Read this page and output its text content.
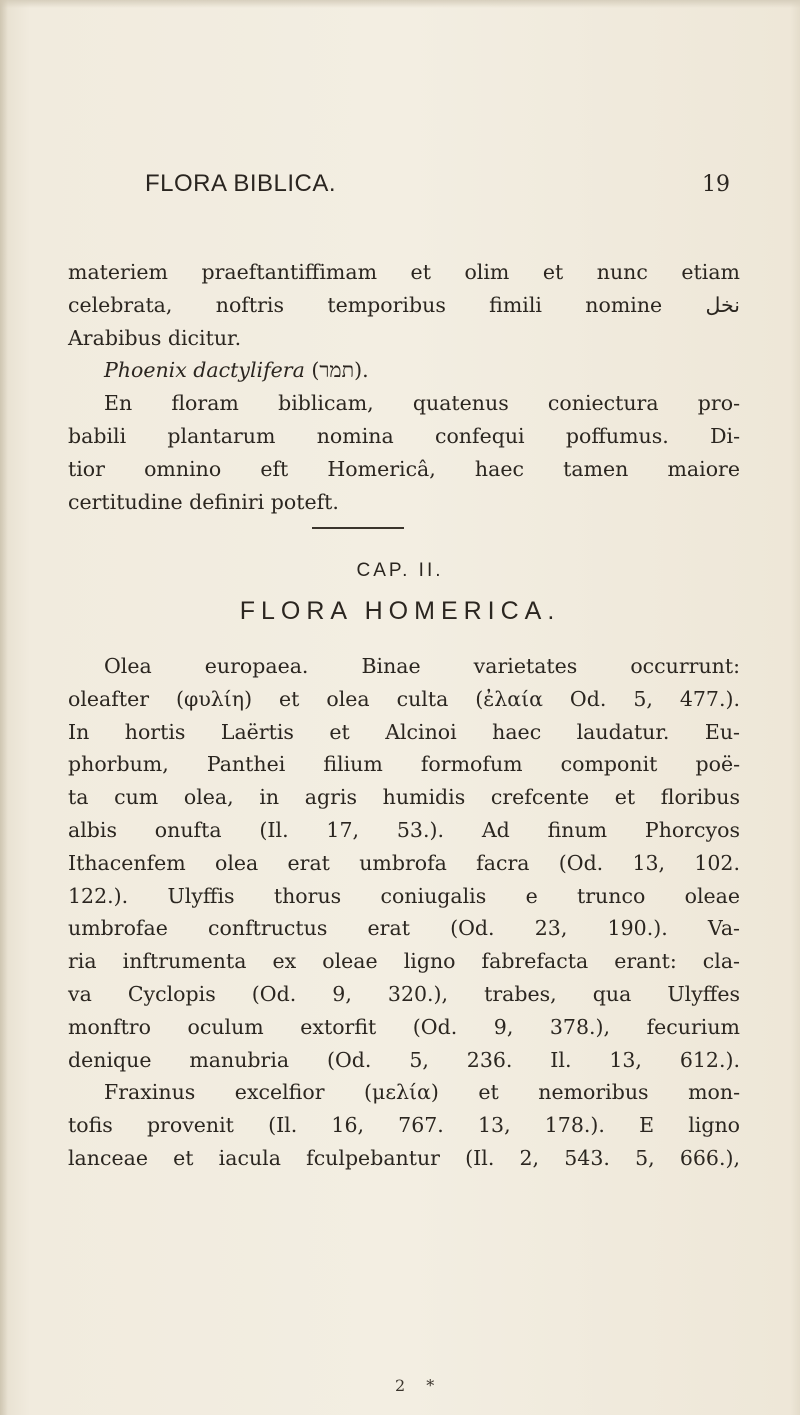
FLORA BIBLICA.	19
materiem praeftantiffimam et olim et nunc etiam
celebrata, noftris temporibus fimili nomine نخل
Arabibus dicitur.
Phoenix dactylifera (תמר).
En floram biblicam, quatenus coniectura pro-
babili plantarum nomina confequi poffumus. Di-
tior omnino eft Homericâ, haec tamen maiore
certitudine definiri poteft.
CAP. II.
FLORA HOMERICA.
Olea europaea. Binae varietates occurrunt:
oleafter (φυλίη) et olea culta (ἐλαία Od. 5, 477.).
In hortis Laërtis et Alcinoi haec laudatur. Eu-
phorbum, Panthei filium formofum componit poë-
ta cum olea, in agris humidis crefcente et floribus
albis onufta (Il. 17, 53.). Ad finum Phorcyos
Ithacenfem olea erat umbrofa facra (Od. 13, 102.
122.). Ulyffis thorus coniugalis e trunco oleae
umbrofae conftructus erat (Od. 23, 190.). Va-
ria inftrumenta ex oleae ligno fabrefacta erant: cla-
va Cyclopis (Od. 9, 320.), trabes, qua Ulyffes
monftro oculum extorfit (Od. 9, 378.), fecurium
denique manubria (Od. 5, 236. Il. 13, 612.).
Fraxinus excelfior (μελία) et nemoribus mon-
tofis provenit (Il. 16, 767. 13, 178.). E ligno
lanceae et iacula fculpebantur (Il. 2, 543. 5, 666.),
2 *
